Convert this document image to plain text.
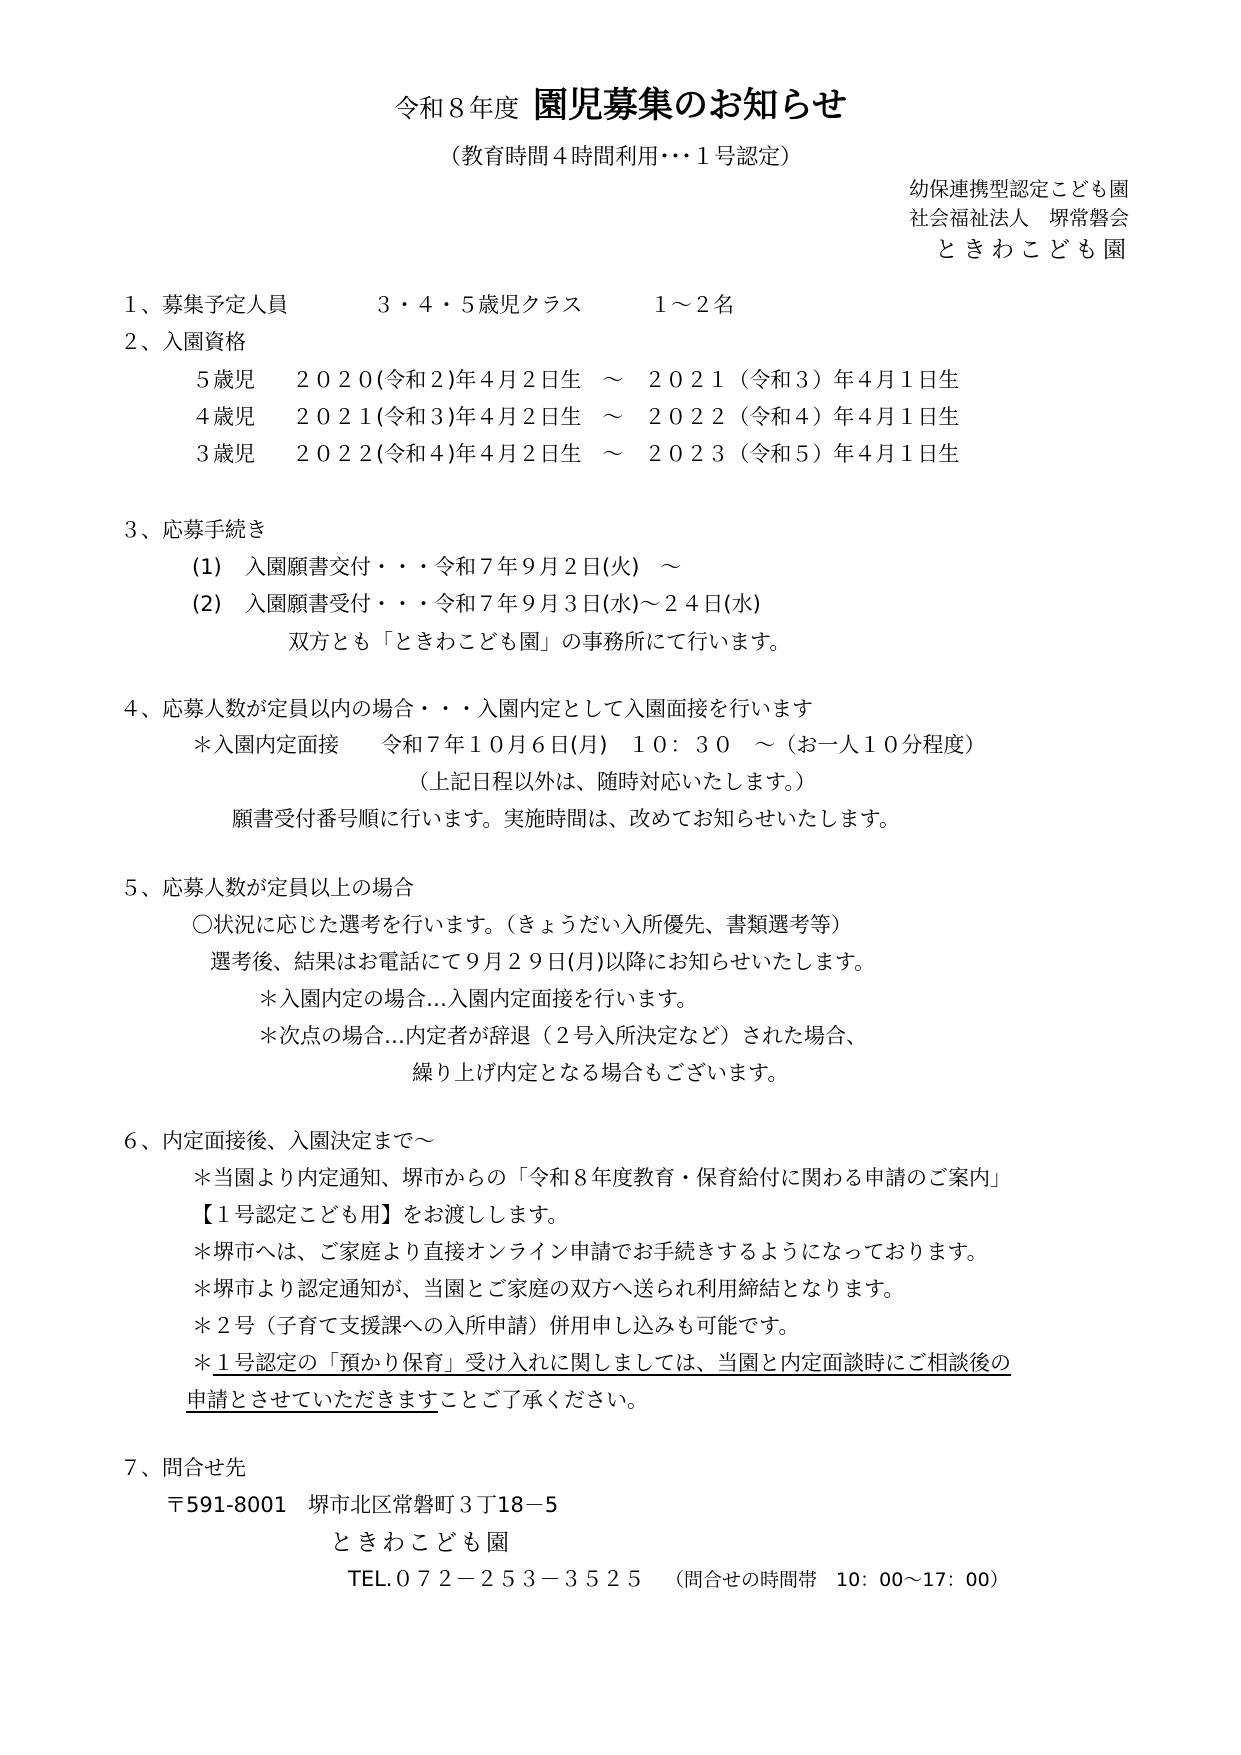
令和８年度 園児募集のお知らせ
（教育時間４時間利用･･･１号認定）
幼保連携型認定こども園
社会福祉法人　堺常磐会
ときわこども園
１、募集予定人員	３・４・５歳児クラス	１～２名
２、入園資格
５歳児 ２０２０(令和２)年４月２日生　～　２０２１（令和３）年４月１日生
４歳児 ２０２１(令和３)年４月２日生　～　２０２２（令和４）年４月１日生
３歳児 ２０２２(令和４)年４月２日生　～　２０２３（令和５）年４月１日生
３、応募手続き
(1) 入園願書交付・・・令和７年９月２日(火)　～
(2) 入園願書受付・・・令和７年９月３日(水)～２４日(水)
双方とも「ときわこども園」の事務所にて行います。
４、応募人数が定員以内の場合・・・入園内定として入園面接を行います
＊入園内定面接　　令和７年１０月６日(月)　１０：３０　～（お一人１０分程度）
（上記日程以外は、随時対応いたします。）
願書受付番号順に行います。実施時間は、改めてお知らせいたします。
５、応募人数が定員以上の場合
〇状況に応じた選考を行います。（きょうだい入所優先、書類選考等）
選考後、結果はお電話にて９月２９日(月)以降にお知らせいたします。
＊入園内定の場合…入園内定面接を行います。
＊次点の場合…内定者が辞退（２号入所決定など）された場合、
繰り上げ内定となる場合もございます。
６、内定面接後、入園決定まで～
＊当園より内定通知、堺市からの「令和８年度教育・保育給付に関わる申請のご案内」
【１号認定こども用】をお渡しします。
＊堺市へは、ご家庭より直接オンライン申請でお手続きするようになっております。
＊堺市より認定通知が、当園とご家庭の双方へ送られ利用締結となります。
＊２号（子育て支援課への入所申請）併用申し込みも可能です。
＊１号認定の「預かり保育」受け入れに関しましては、当園と内定面談時にご相談後の
申請とさせていただきますことご了承ください。
７、問合せ先
〒591-8001　堺市北区常磐町３丁18－5
ときわこども園
TEL.０７２－２５３－３５２５ （問合せの時間帯　10：00～17：00）
